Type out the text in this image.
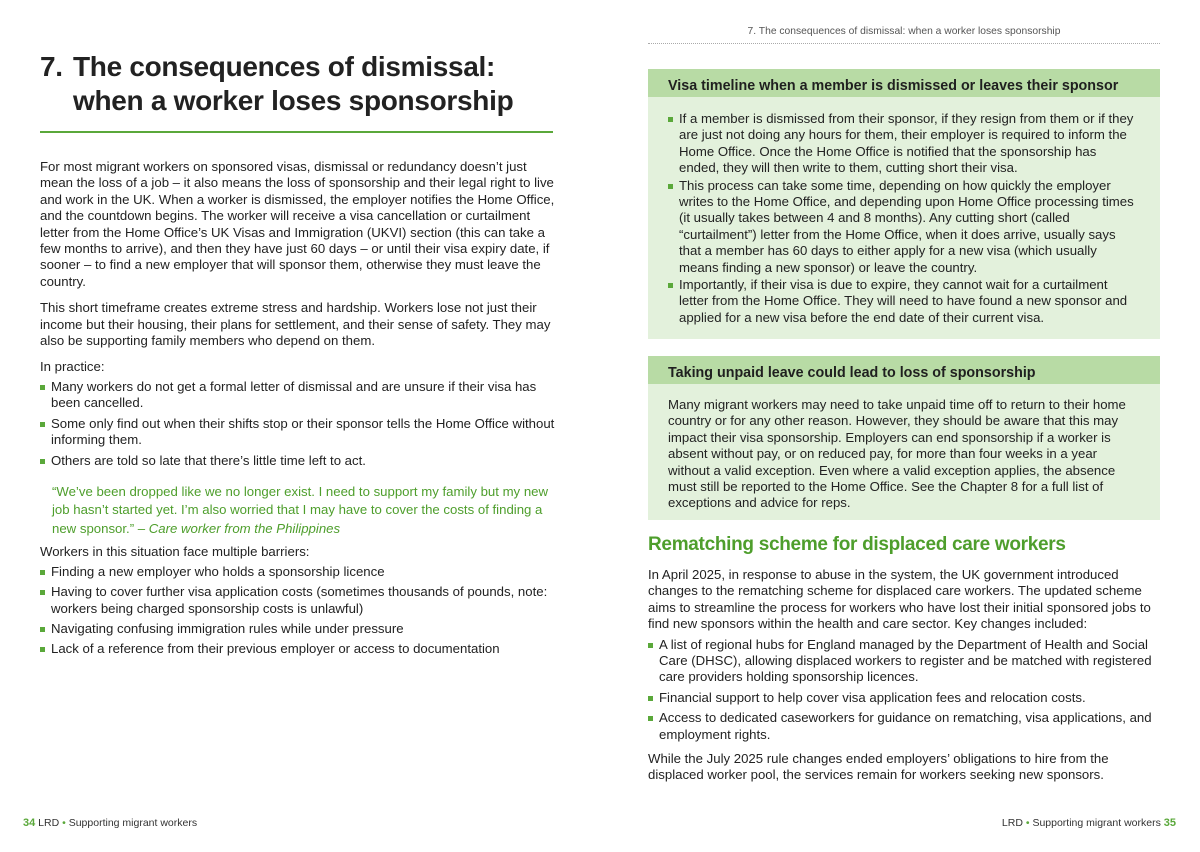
7. The consequences of dismissal: when a worker loses sponsorship

For most migrant workers on sponsored visas, dismissal or redundancy doesn’t just mean the loss of a job – it also means the loss of sponsorship and their legal right to live and work in the UK. When a worker is dismissed, the employer notifies the Home Office, and the countdown begins. The worker will receive a visa cancellation or curtailment letter from the Home Office’s UK Visas and Immigration (UKVI) section (this can take a few months to arrive), and then they have just 60 days – or until their visa expiry date, if sooner – to find a new employer that will sponsor them, otherwise they must leave the country.

This short timeframe creates extreme stress and hardship. Workers lose not just their income but their housing, their plans for settlement, and their sense of safety. They may also be supporting family members who depend on them.

In practice:

Many workers do not get a formal letter of dismissal and are unsure if their visa has been cancelled.
Some only find out when their shifts stop or their sponsor tells the Home Office without informing them.
Others are told so late that there’s little time left to act.
“We’ve been dropped like we no longer exist. I need to support my family but my new job hasn’t started yet. I’m also worried that I may have to cover the costs of finding a new sponsor.” – Care worker from the Philippines

Workers in this situation face multiple barriers:

Finding a new employer who holds a sponsorship licence
Having to cover further visa application costs (sometimes thousands of pounds, note: workers being charged sponsorship costs is unlawful)
Navigating confusing immigration rules while under pressure
Lack of a reference from their previous employer or access to documentation
34 LRD • Supporting migrant workers
7. The consequences of dismissal: when a worker loses sponsorship
Visa timeline when a member is dismissed or leaves their sponsor
If a member is dismissed from their sponsor, if they resign from them or if they are just not doing any hours for them, their employer is required to inform the Home Office. Once the Home Office is notified that the sponsorship has ended, they will then write to them, cutting short their visa.
This process can take some time, depending on how quickly the employer writes to the Home Office, and depending upon Home Office processing times (it usually takes between 4 and 8 months). Any cutting short (called “curtailment”) letter from the Home Office, when it does arrive, usually says that a member has 60 days to either apply for a new visa (which usually means finding a new sponsor) or leave the country.
Importantly, if their visa is due to expire, they cannot wait for a curtailment letter from the Home Office. They will need to have found a new sponsor and applied for a new visa before the end date of their current visa.
Taking unpaid leave could lead to loss of sponsorship
Many migrant workers may need to take unpaid time off to return to their home country or for any other reason. However, they should be aware that this may impact their visa sponsorship. Employers can end sponsorship if a worker is absent without pay, or on reduced pay, for more than four weeks in a year without a valid exception. Even where a valid exception applies, the absence must still be reported to the Home Office. See the Chapter 8 for a full list of exceptions and advice for reps.
Rematching scheme for displaced care workers

In April 2025, in response to abuse in the system, the UK government introduced changes to the rematching scheme for displaced care workers. The updated scheme aims to streamline the process for workers who have lost their initial sponsored jobs to find new sponsors within the health and care sector. Key changes included:

A list of regional hubs for England managed by the Department of Health and Social Care (DHSC), allowing displaced workers to register and be matched with registered care providers holding sponsorship licences.
Financial support to help cover visa application fees and relocation costs.
Access to dedicated caseworkers for guidance on rematching, visa applications, and employment rights.

While the July 2025 rule changes ended employers’ obligations to hire from the displaced worker pool, the services remain for workers seeking new sponsors.

LRD • Supporting migrant workers 35
